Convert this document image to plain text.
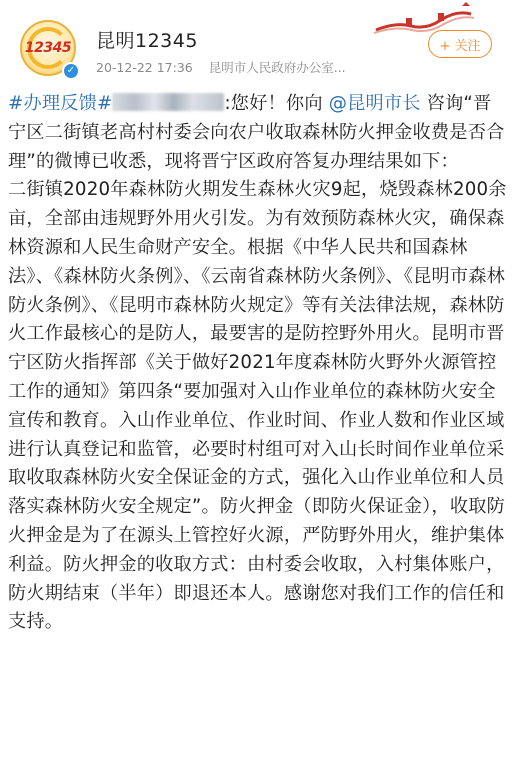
12345
✓
昆明12345
20-12-22 17:36 昆明市人民政府办公室...
+ 关注

#办理反馈#	:您好！你向 @昆明市长 咨询“晋宁区二街镇老高村村委会向农户收取森林防火押金收费是否合理”的微博已收悉，现将晋宁区政府答复办理结果如下：

二街镇2020年森林防火期发生森林火灾9起，烧毁森林200余亩，全部由违规野外用火引发。为有效预防森林火灾，确保森林资源和人民生命财产安全。根据《中华人民共和国森林法》、《森林防火条例》、《云南省森林防火条例》、《昆明市森林防火条例》、《昆明市森林防火规定》等有关法律法规，森林防火工作最核心的是防人，最要害的是防控野外用火。昆明市晋宁区防火指挥部《关于做好2021年度森林防火野外火源管控工作的通知》第四条“要加强对入山作业单位的森林防火安全宣传和教育。入山作业单位、作业时间、作业人数和作业区域进行认真登记和监管，必要时村组可对入山长时间作业单位采取收取森林防火安全保证金的方式，强化入山作业单位和人员落实森林防火安全规定”。防火押金（即防火保证金），收取防火押金是为了在源头上管控好火源，严防野外用火，维护集体利益。防火押金的收取方式：由村委会收取，入村集体账户，防火期结束（半年）即退还本人。感谢您对我们工作的信任和支持。
